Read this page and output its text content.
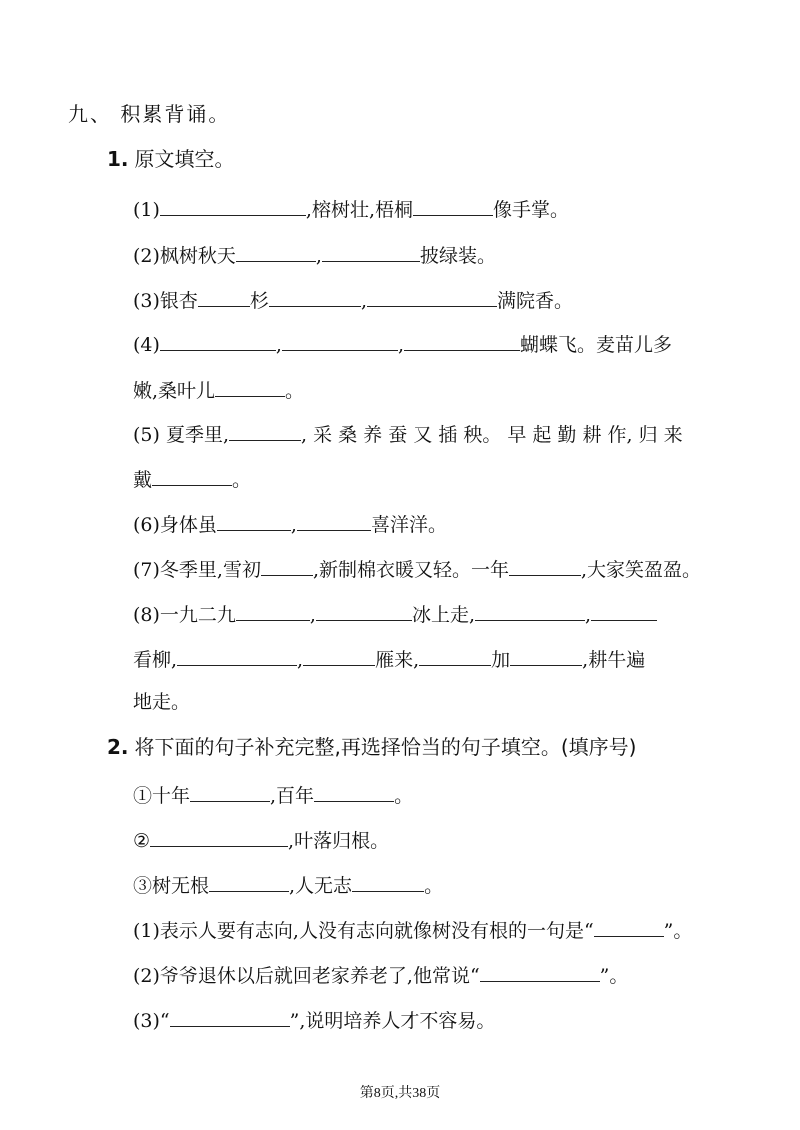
九、 积累背诵。
1. 原文填空。
(1)	,榕树壮,梧桐	像手掌。
(2)枫树秋天	,	披绿装。
(3)银杏	杉	,	满院香。
(4)	,	,	蝴蝶飞。麦苗儿多
嫩,桑叶儿	。
(5) 夏季里,	, 采 桑 养 蚕 又 插 秧。 早 起 勤 耕 作, 归 来
戴	。
(6)身体虽	,	喜洋洋。
(7)冬季里,雪初	,新制棉衣暖又轻。一年	,大家笑盈盈。
(8)一九二九	,	冰上走,	,
看柳,	,	雁来,	加	,耕牛遍
地走。
2. 将下面的句子补充完整,再选择恰当的句子填空。(填序号)
①十年	,百年	。
②	,叶落归根。
③树无根	,人无志	。
(1)表示人要有志向,人没有志向就像树没有根的一句是“	”。
(2)爷爷退休以后就回老家养老了,他常说“	”。
(3)“	”,说明培养人才不容易。
第8页,共38页
